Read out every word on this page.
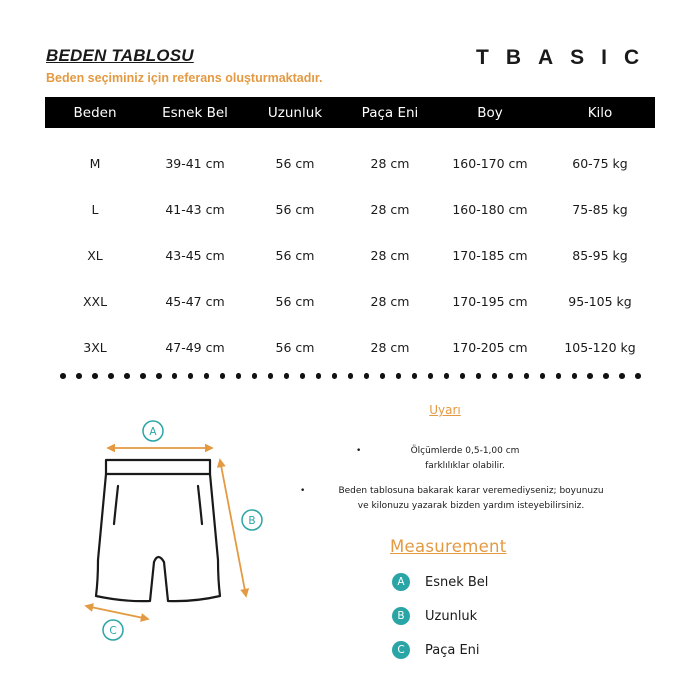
BEDEN TABLOSU

Beden seçiminiz için referans oluşturmaktadır.

TBASIC
Beden	Esnek Bel	Uzunluk	Paça Eni	Boy	Kilo
M	39-41 cm	56 cm	28 cm	160-170 cm	60-75 kg
L	41-43 cm	56 cm	28 cm	160-180 cm	75-85 kg
XL	43-45 cm	56 cm	28 cm	170-185 cm	85-95 kg
XXL	45-47 cm	56 cm	28 cm	170-195 cm	95-105 kg
3XL	47-49 cm	56 cm	28 cm	170-205 cm	105-120 kg
A
B
C
Uyarı
•	Ölçümlerde 0,5-1,00 cm
farklılıklar olabilir.
•	Beden tablosuna bakarak karar veremediyseniz; boyunuzu
ve kilonuzu yazarak bizden yardım isteyebilirsiniz.
Measurement
A	Esnek Bel
B	Uzunluk
C	Paça Eni
